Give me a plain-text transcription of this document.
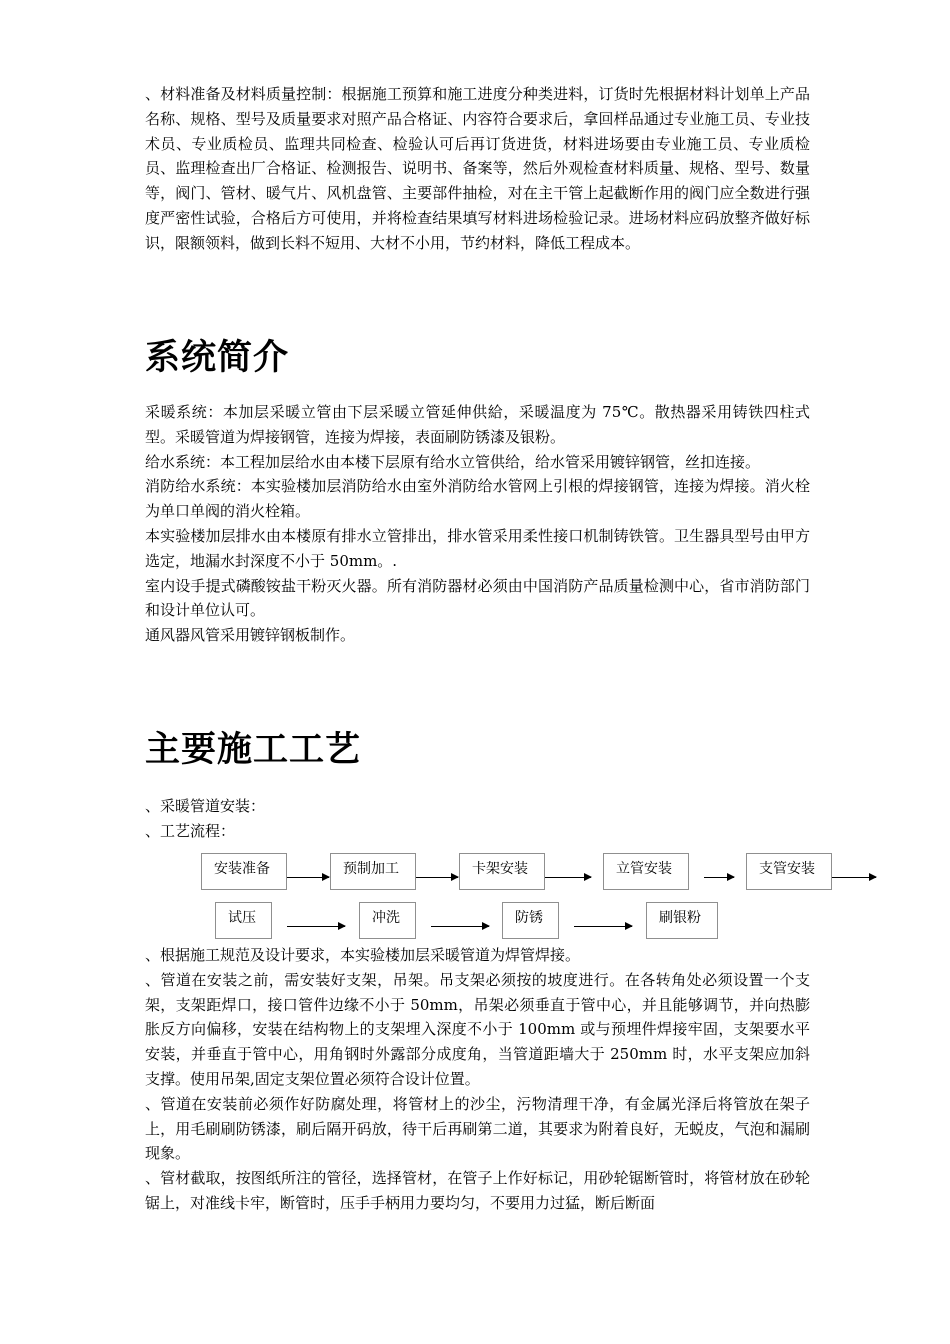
、材料准备及材料质量控制：根据施工预算和施工进度分种类进料，订货时先根据材料计划单上产品名称、规格、型号及质量要求对照产品合格证、内容符合要求后，拿回样品通过专业施工员、专业技术员、专业质检员、监理共同检查、检验认可后再订货进货，材料进场要由专业施工员、专业质检员、监理检查出厂合格证、检测报告、说明书、备案等，然后外观检查材料质量、规格、型号、数量等，阀门、管材、暖气片、风机盘管、主要部件抽检，对在主干管上起截断作用的阀门应全数进行强度严密性试验，合格后方可使用，并将检查结果填写材料进场检验记录。进场材料应码放整齐做好标识，限额领料，做到长料不短用、大材不小用，节约材料，降低工程成本。

系统简介

采暖系统：本加层采暖立管由下层采暖立管延伸供給，采暖温度为 75℃。散热器采用铸铁四柱式型。采暖管道为焊接钢管，连接为焊接，表面刷防锈漆及银粉。

给水系统：本工程加层给水由本楼下层原有给水立管供给，给水管采用镀锌钢管，丝扣连接。

消防给水系统：本实验楼加层消防给水由室外消防给水管网上引根的焊接钢管，连接为焊接。消火栓为单口单阀的消火栓箱。

本实验楼加层排水由本楼原有排水立管排出，排水管采用柔性接口机制铸铁管。卫生器具型号由甲方选定，地漏水封深度不小于 50mm。.

室内设手提式磷酸铵盐干粉灭火器。所有消防器材必须由中国消防产品质量检测中心，省市消防部门和设计单位认可。

通风器风管采用镀锌钢板制作。

主要施工工艺

、采暖管道安装：

、工艺流程：

安装准备	预制加工	卡架安装	立管安装	支管安装
试压	冲洗	防锈	刷银粉

、根据施工规范及设计要求，本实验楼加层采暖管道为焊管焊接。

、管道在安装之前，需安装好支架，吊架。吊支架必须按的坡度进行。在各转角处必须设置一个支架，支架距焊口，接口管件边缘不小于 50mm，吊架必须垂直于管中心，并且能够调节，并向热膨胀反方向偏移，安装在结构物上的支架埋入深度不小于 100mm 或与预埋件焊接牢固，支架要水平安装，并垂直于管中心，用角钢时外露部分成度角，当管道距墙大于 250mm 时，水平支架应加斜支撑。使用吊架,固定支架位置必须符合设计位置。

、管道在安装前必须作好防腐处理，将管材上的沙尘，污物清理干净，有金属光泽后将管放在架子上，用毛刷刷防锈漆，刷后隔开码放，待干后再刷第二道，其要求为附着良好，无蜕皮，气泡和漏刷现象。

、管材截取，按图纸所注的管径，选择管材，在管子上作好标记，用砂轮锯断管时，将管材放在砂轮锯上，对准线卡牢，断管时，压手手柄用力要均匀，不要用力过猛，断后断面
